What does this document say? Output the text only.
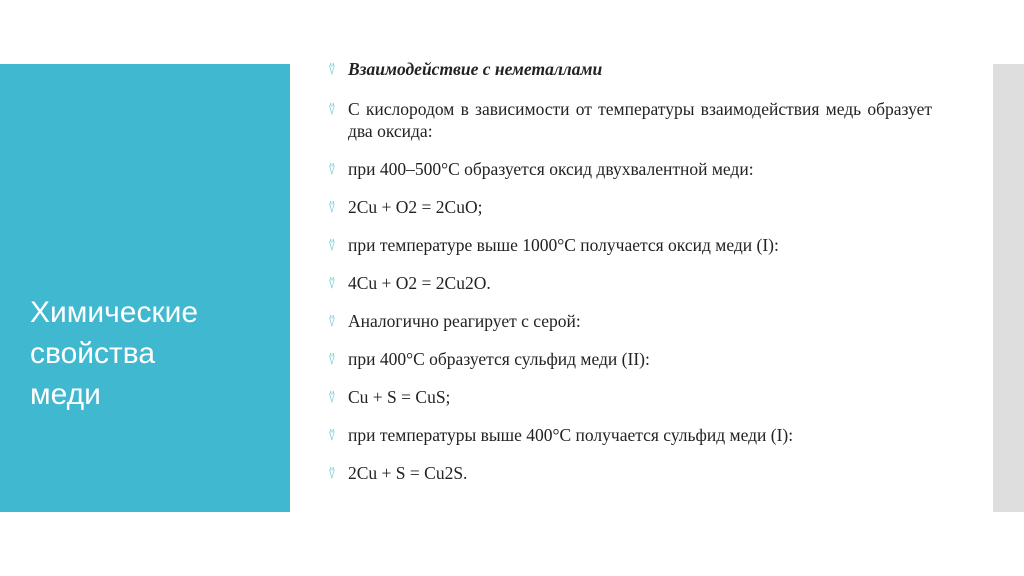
Химические
свойства
меди
⍢ Взаимодействие с неметаллами
⍢ С кислородом в зависимости от температуры взаимодействия медь образует два оксида:
⍢ при 400–500°С образуется оксид двухвалентной меди:
⍢ 2Cu + O2 = 2CuO;
⍢ при температуре выше 1000°С получается оксид меди (I):
⍢ 4Cu + O2 = 2Cu2O.
⍢ Аналогично реагирует с серой:
⍢ при 400°С образуется сульфид меди (II):
⍢ Cu + S = CuS;
⍢ при температуры выше 400°С получается сульфид меди (I):
⍢ 2Cu + S = Cu2S.
